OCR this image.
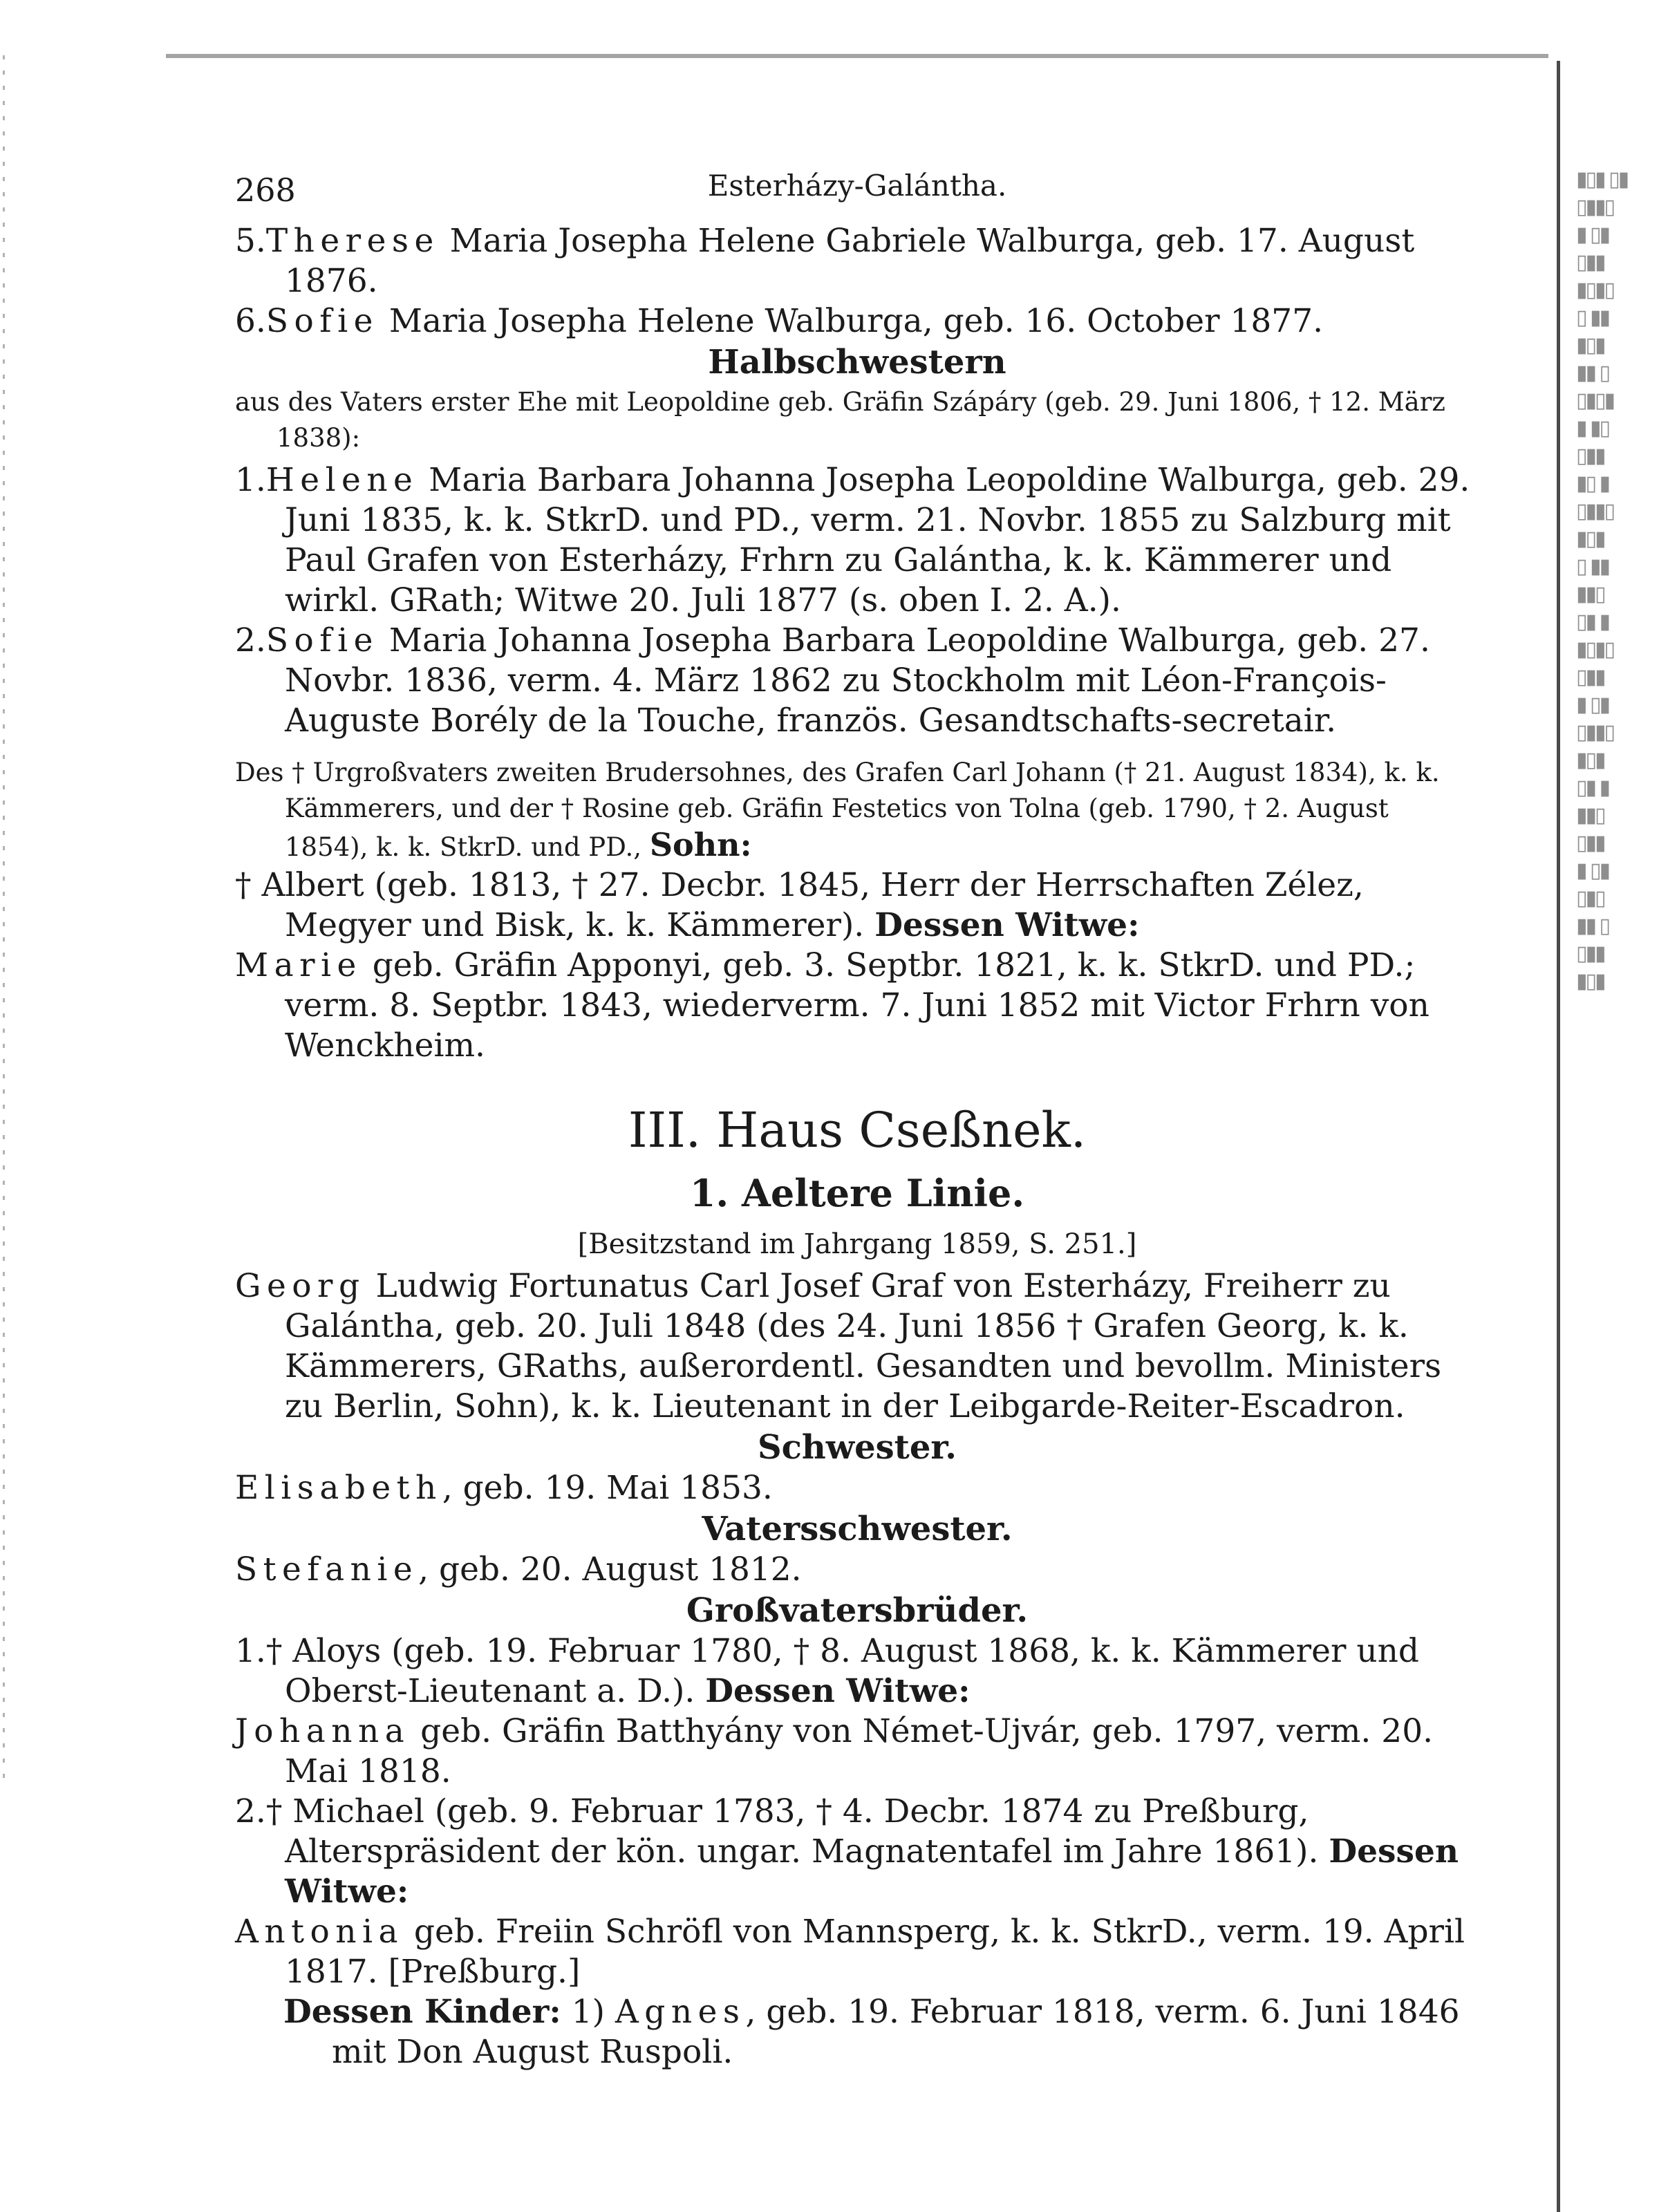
▮▯▮ ▯▮
▯▮▮▯
▮ ▯▮
▯▮▮
▮▯▮▯
▯ ▮▮
▮▯▮
▮▮ ▯
▯▮▯▮
▮ ▮▯
▯▮▮
▮▯ ▮
▯▮▮▯
▮▯▮
▯ ▮▮
▮▮▯
▯▮ ▮
▮▯▮▯
▯▮▮
▮ ▯▮
▯▮▮▯
▮▯▮
▯▮ ▮
▮▮▯
▯▮▮
▮ ▯▮
▯▮▯
▮▮ ▯
▯▮▮
▮▯▮
268	Esterházy-Galántha.

5.Therese Maria Josepha Helene Gabriele Walburga, geb. 17. August 1876.

6.Sofie Maria Josepha Helene Walburga, geb. 16. October 1877.

Halbschwestern

aus des Vaters erster Ehe mit Leopoldine geb. Gräfin Szápáry (geb. 29. Juni 1806, † 12. März 1838):

1.Helene Maria Barbara Johanna Josepha Leopoldine Walburga, geb. 29. Juni 1835, k. k. StkrD. und PD., verm. 21. Novbr. 1855 zu Salzburg mit Paul Grafen von Esterházy, Frhrn zu Galántha, k. k. Kämmerer und wirkl. GRath; Witwe 20. Juli 1877 (s. oben I. 2. A.).

2.Sofie Maria Johanna Josepha Barbara Leopoldine Walburga, geb. 27. Novbr. 1836, verm. 4. März 1862 zu Stockholm mit Léon-François-Auguste Borély de la Touche, französ. Gesandtschafts-secretair.

Des † Urgroßvaters zweiten Brudersohnes, des Grafen Carl Johann († 21. August 1834), k. k. Kämmerers, und der † Rosine geb. Gräfin Festetics von Tolna (geb. 1790, † 2. August 1854), k. k. StkrD. und PD., Sohn:

† Albert (geb. 1813, † 27. Decbr. 1845, Herr der Herrschaften Zélez, Megyer und Bisk, k. k. Kämmerer). Dessen Witwe:

Marie geb. Gräfin Apponyi, geb. 3. Septbr. 1821, k. k. StkrD. und PD.; verm. 8. Septbr. 1843, wiederverm. 7. Juni 1852 mit Victor Frhrn von Wenckheim.

III. Haus Cseßnek.

1. Aeltere Linie.

[Besitzstand im Jahrgang 1859, S. 251.]

Georg Ludwig Fortunatus Carl Josef Graf von Esterházy, Freiherr zu Galántha, geb. 20. Juli 1848 (des 24. Juni 1856 † Grafen Georg, k. k. Kämmerers, GRaths, außerordentl. Gesandten und bevollm. Ministers zu Berlin, Sohn), k. k. Lieutenant in der Leibgarde-Reiter-Escadron.

Schwester.

Elisabeth, geb. 19. Mai 1853.

Vatersschwester.

Stefanie, geb. 20. August 1812.

Großvatersbrüder.

1.† Aloys (geb. 19. Februar 1780, † 8. August 1868, k. k. Kämmerer und Oberst-Lieutenant a. D.). Dessen Witwe:

Johanna geb. Gräfin Batthyány von Német-Ujvár, geb. 1797, verm. 20. Mai 1818.

2.† Michael (geb. 9. Februar 1783, † 4. Decbr. 1874 zu Preßburg, Alterspräsident der kön. ungar. Magnatentafel im Jahre 1861). Dessen Witwe:

Antonia geb. Freiin Schröfl von Mannsperg, k. k. StkrD., verm. 19. April 1817. [Preßburg.]

Dessen Kinder: 1) Agnes, geb. 19. Februar 1818, verm. 6. Juni 1846 mit Don August Ruspoli.
